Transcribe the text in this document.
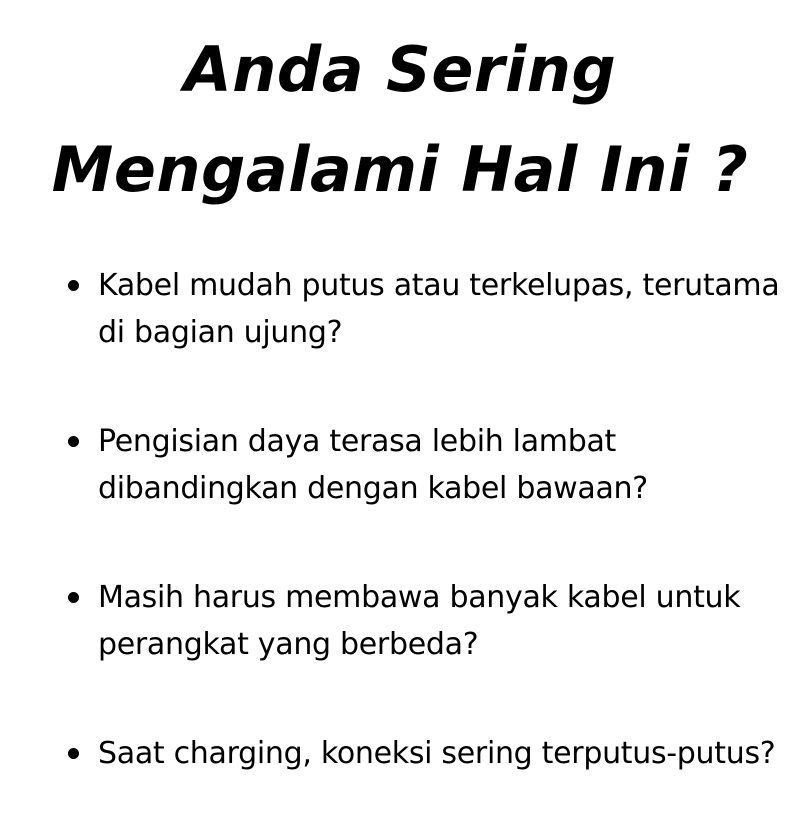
Anda Sering
Mengalami Hal Ini ?
Kabel mudah putus atau terkelupas, terutama di bagian ujung?
Pengisian daya terasa lebih lambat dibandingkan dengan kabel bawaan?
Masih harus membawa banyak kabel untuk perangkat yang berbeda?
Saat charging, koneksi sering terputus-putus?
